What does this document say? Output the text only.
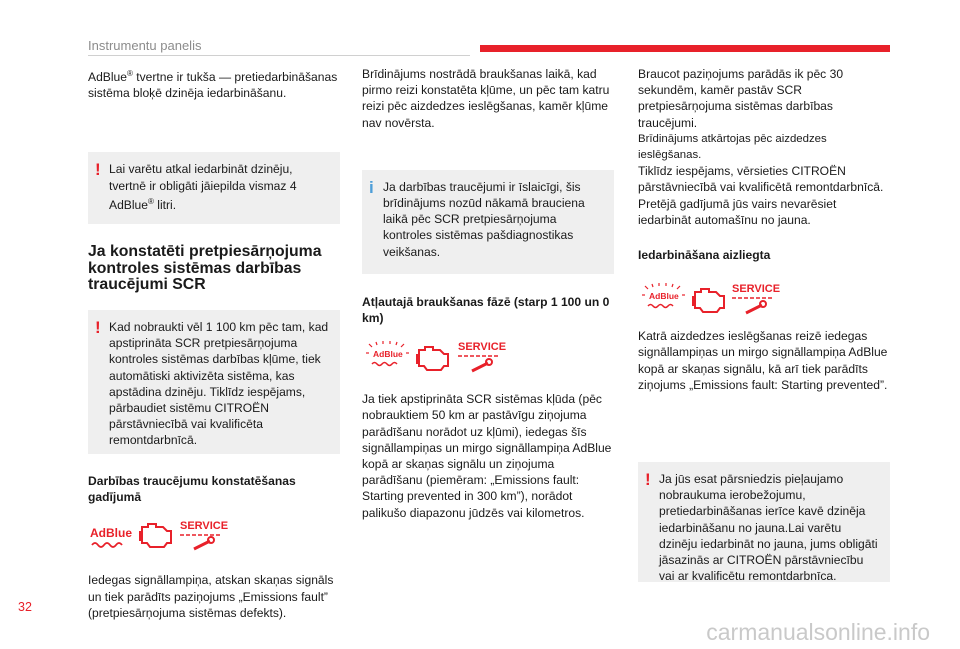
Instrumentu panelis

AdBlue® tvertne ir tukša — pretiedarbināšanas sistēma bloķē dzinēja iedarbināšanu.

! Lai varētu atkal iedarbināt dzinēju, tvertnē ir obligāti jāiepilda vismaz 4 AdBlue® litri.

Ja konstatēti pretpiesārņojuma kontroles sistēmas darbības traucējumi SCR
! Kad nobraukti vēl 1 100 km pēc tam, kad apstiprināta SCR pretpiesārņojuma kontroles sistēmas darbības kļūme, tiek automātiski aktivizēta sistēma, kas apstādina dzinēju. Tiklīdz iespējams, pārbaudiet sistēmu CITROËN pārstāvniecībā vai kvalificēta remontdarbnīcā.

Darbības traucējumu konstatēšanas gadījumā

AdBlue	SERVICE

Iedegas signāllampiņa, atskan skaņas signāls un tiek parādīts paziņojums „Emissions fault” (pretpiesārņojuma sistēmas defekts).

Brīdinājums nostrādā braukšanas laikā, kad pirmo reizi konstatēta kļūme, un pēc tam katru reizi pēc aizdedzes ieslēgšanas, kamēr kļūme nav novērsta.

i Ja darbības traucējumi ir īslaicīgi, šis brīdinājums nozūd nākamā brauciena laikā pēc SCR pretpiesārņojuma kontroles sistēmas pašdiagnostikas veikšanas.

Atļautajā braukšanas fāzē (starp 1 100 un 0 km)

AdBlue
SERVICE

Ja tiek apstiprināta SCR sistēmas kļūda (pēc nobrauktiem 50 km ar pastāvīgu ziņojuma parādīšanu norādot uz kļūmi), iedegas šīs signāllampiņas un mirgo signāllampiņa AdBlue kopā ar skaņas signālu un ziņojuma parādīšanu (piemēram: „Emissions fault: Starting prevented in 300 km”), norādot palikušo diapazonu jūdzēs vai kilometros.

Braucot paziņojums parādās ik pēc 30 sekundēm, kamēr pastāv SCR pretpiesārņojuma sistēmas darbības traucējumi.

Brīdinājums atkārtojas pēc aizdedzes ieslēgšanas.

Tiklīdz iespējams, vērsieties CITROËN pārstāvniecībā vai kvalificētā remontdarbnīcā.

Pretējā gadījumā jūs vairs nevarēsiet iedarbināt automašīnu no jauna.

Iedarbināšana aizliegta

AdBlue
SERVICE

Katrā aizdedzes ieslēgšanas reizē iedegas signāllampiņas un mirgo signāllampiņa AdBlue kopā ar skaņas signālu, kā arī tiek parādīts ziņojums „Emissions fault: Starting prevented”.

! Ja jūs esat pārsniedzis pieļaujamo nobraukuma ierobežojumu, pretiedarbināšanas ierīce kavē dzinēja iedarbināšanu no jauna.Lai varētu dzinēju iedarbināt no jauna, jums obligāti jāsazinās ar CITROËN pārstāvniecību vai ar kvalificētu remontdarbnīca.

32
carmanualsonline.info
